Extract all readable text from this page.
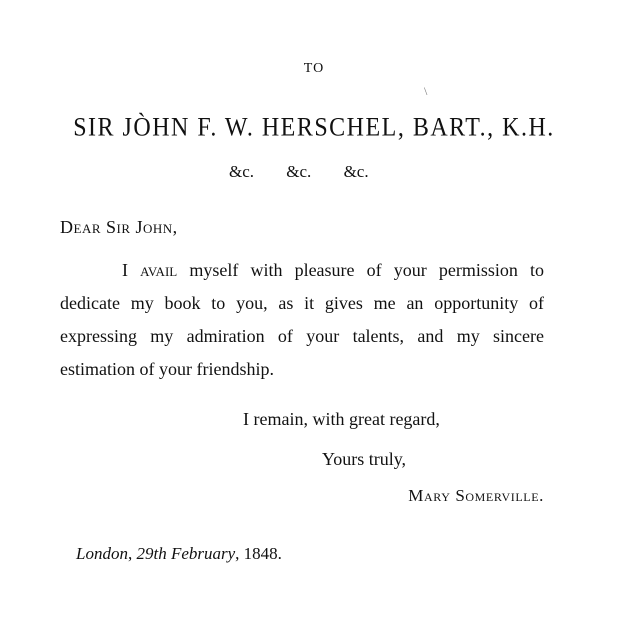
TO
\
SIR JÒHN F. W. HERSCHEL, BART., K.H.
&c. &c. &c.
Dear Sir John,

I avail myself with pleasure of your permission to dedicate my book to you, as it gives me an opportunity of expressing my admiration of your talents, and my sincere estimation of your friendship.

I remain, with great regard,
Yours truly,
Mary Somerville.
London, 29th February, 1848.
